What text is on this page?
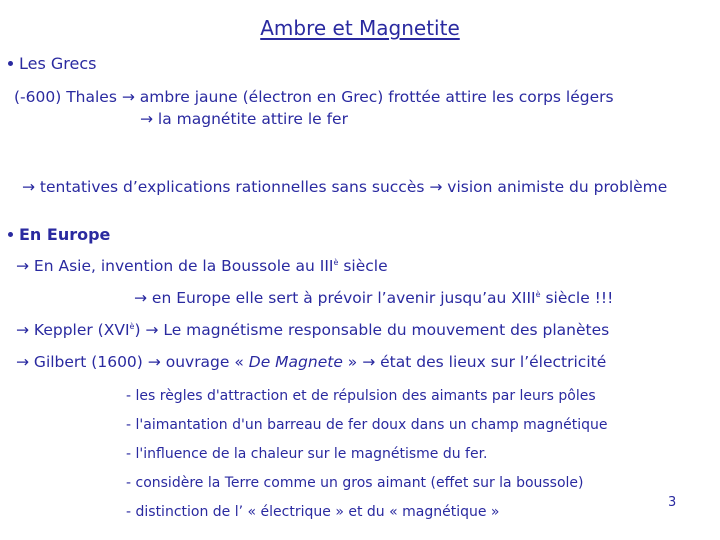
Ambre et Magnetite
Les Grecs
(-600) Thales → ambre jaune (électron en Grec) frottée attire les corps légers
→ la magnétite attire le fer
→ tentatives d’explications rationnelles sans succès → vision animiste du problème
En Europe
→ En Asie, invention de la Boussole au $III^è$ siècle
→ en Europe elle sert à prévoir l’avenir jusqu’au $XIII^è$ siècle !!!
→ Keppler $(XVI^è) \to Le$ magnétisme responsable du mouvement des planètes
→ Gilbert (1600) → ouvrage « De Magnete » → état des lieux sur l’électricité
- les règles d'attraction et de répulsion des aimants par leurs pôles
- l'aimantation d'un barreau de fer doux dans un champ magnétique
- l'influence de la chaleur sur le magnétisme du fer.
- considère la Terre comme un gros aimant (effet sur la boussole)
- distinction de l’ « électrique » et du « magnétique »
3
